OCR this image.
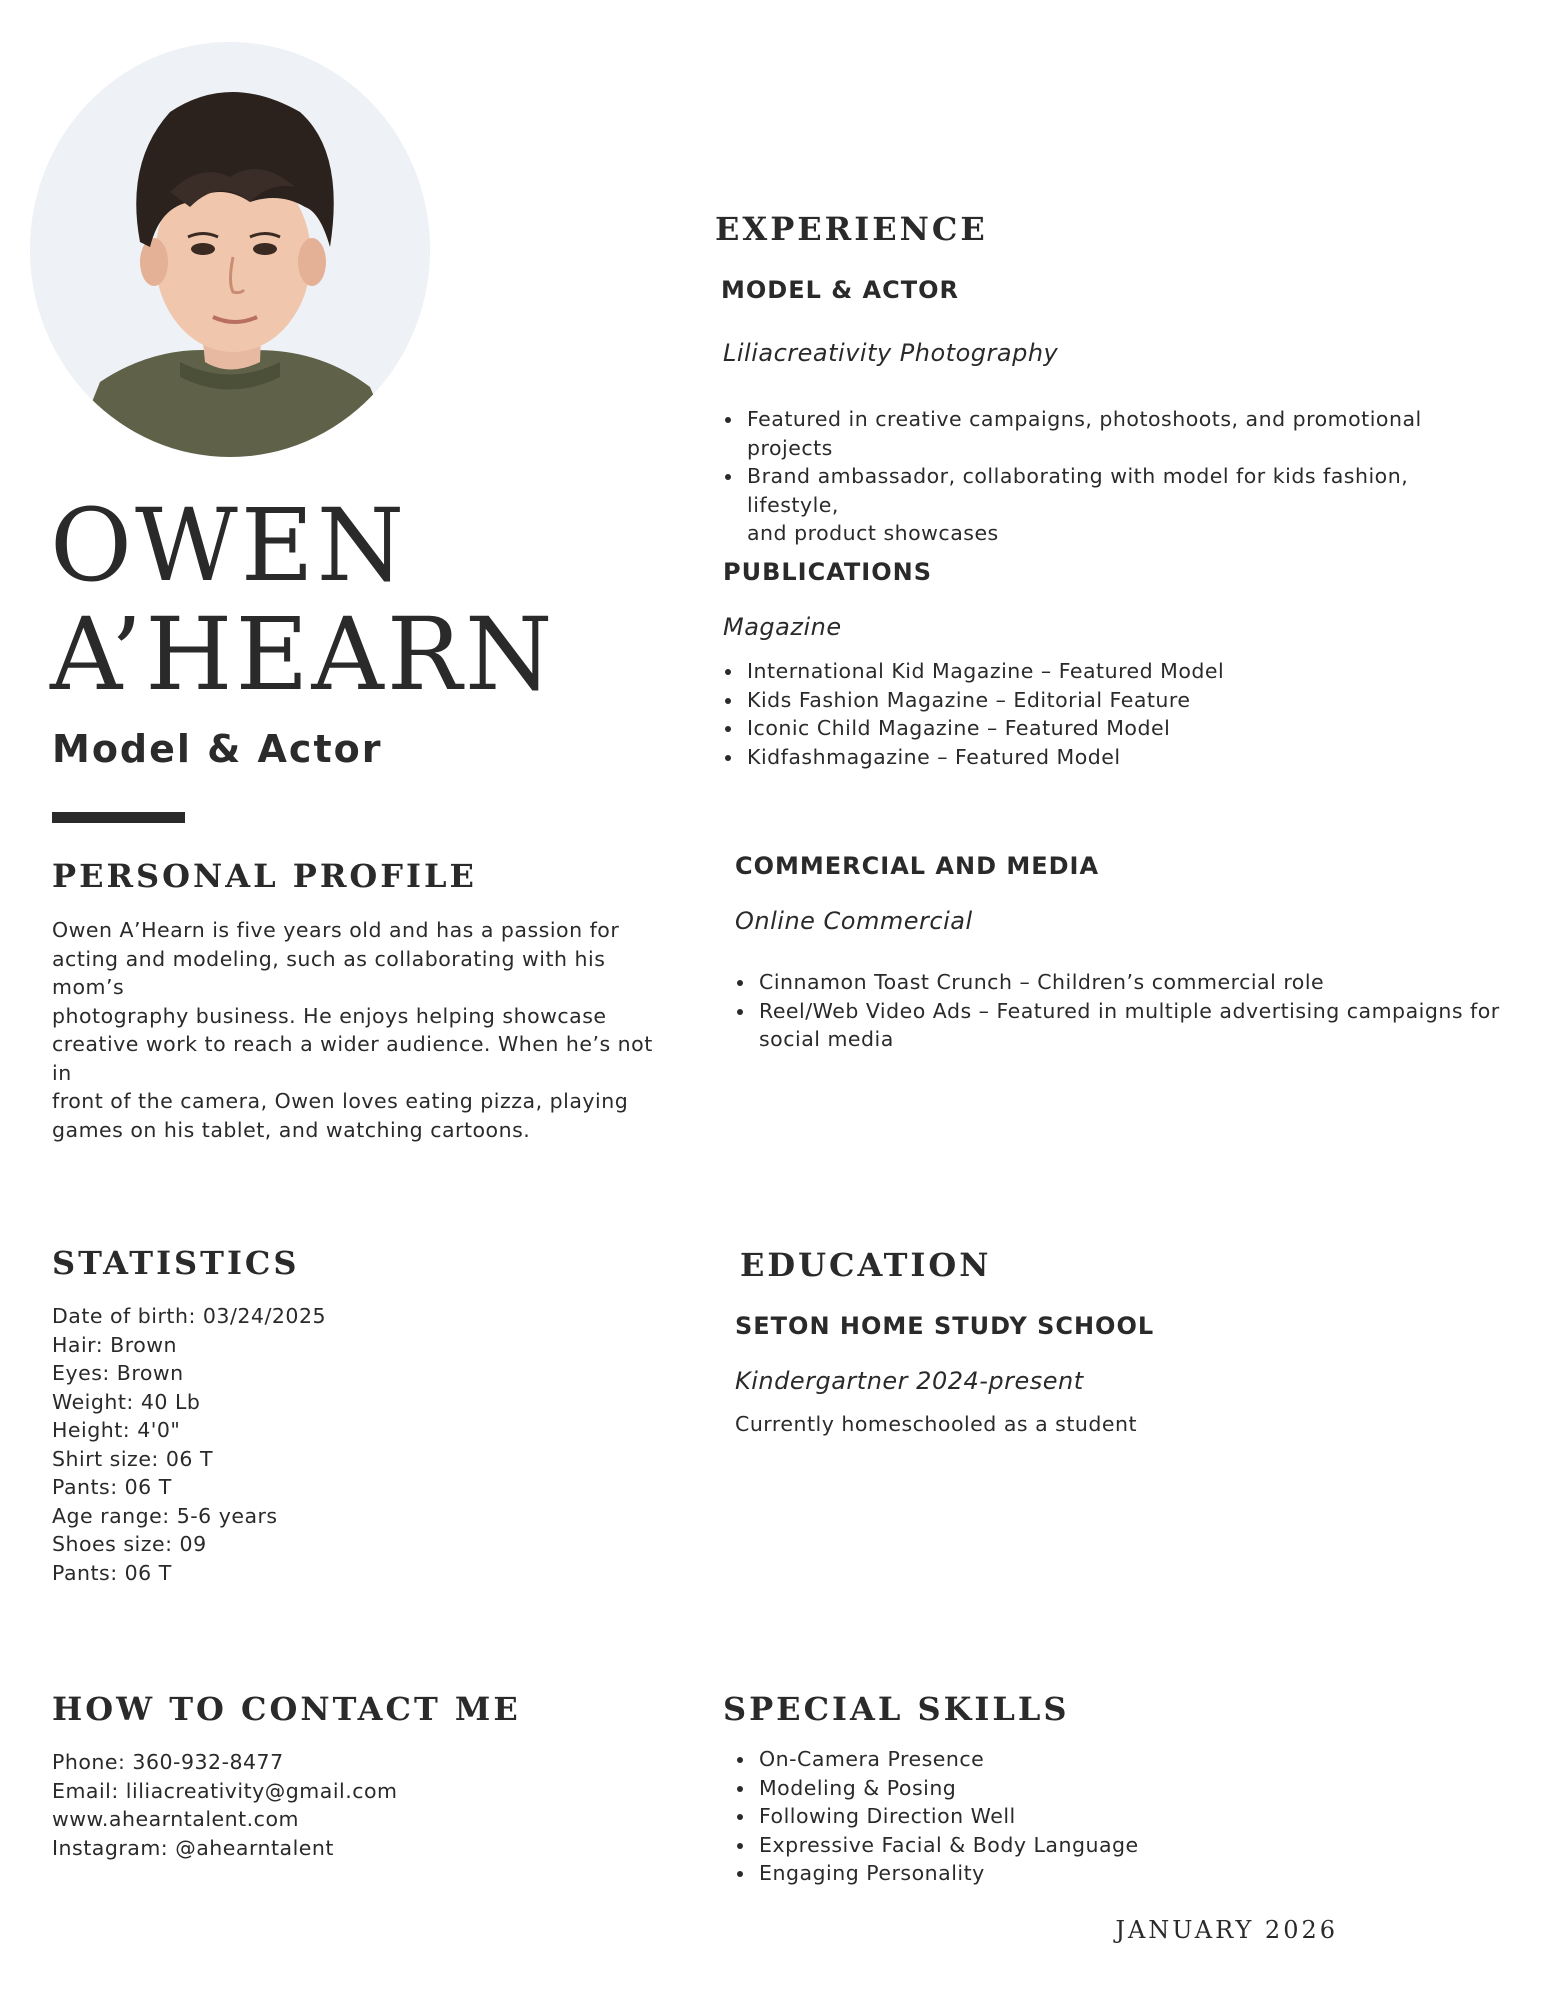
OWEN
A’HEARN
Model & Actor
PERSONAL PROFILE
Owen A’Hearn is five years old and has a passion for
acting and modeling, such as collaborating with his mom’s
photography business. He enjoys helping showcase
creative work to reach a wider audience. When he’s not in
front of the camera, Owen loves eating pizza, playing
games on his tablet, and watching cartoons.
STATISTICS
Date of birth: 03/24/2025
Hair: Brown
Eyes: Brown
Weight: 40 Lb
Height: 4'0"
Shirt size: 06 T
Pants: 06 T
Age range: 5-6 years
Shoes size: 09
Pants: 06 T
HOW TO CONTACT ME
Phone: 360-932-8477
Email: liliacreativity@gmail.com
www.ahearntalent.com
Instagram: @ahearntalent
EXPERIENCE
MODEL & ACTOR
Liliacreativity Photography
Featured in creative campaigns, photoshoots, and promotional
projects
Brand ambassador, collaborating with model for kids fashion, lifestyle,
and product showcases
PUBLICATIONS
Magazine
International Kid Magazine – Featured Model
Kids Fashion Magazine – Editorial Feature
Iconic Child Magazine – Featured Model
Kidfashmagazine – Featured Model
COMMERCIAL AND MEDIA
Online Commercial
Cinnamon Toast Crunch – Children’s commercial role
Reel/Web Video Ads – Featured in multiple advertising campaigns for
social media
EDUCATION
SETON HOME STUDY SCHOOL
Kindergartner 2024-present
Currently homeschooled as a student
SPECIAL SKILLS
On-Camera Presence
Modeling & Posing
Following Direction Well
Expressive Facial & Body Language
Engaging Personality
JANUARY 2026
